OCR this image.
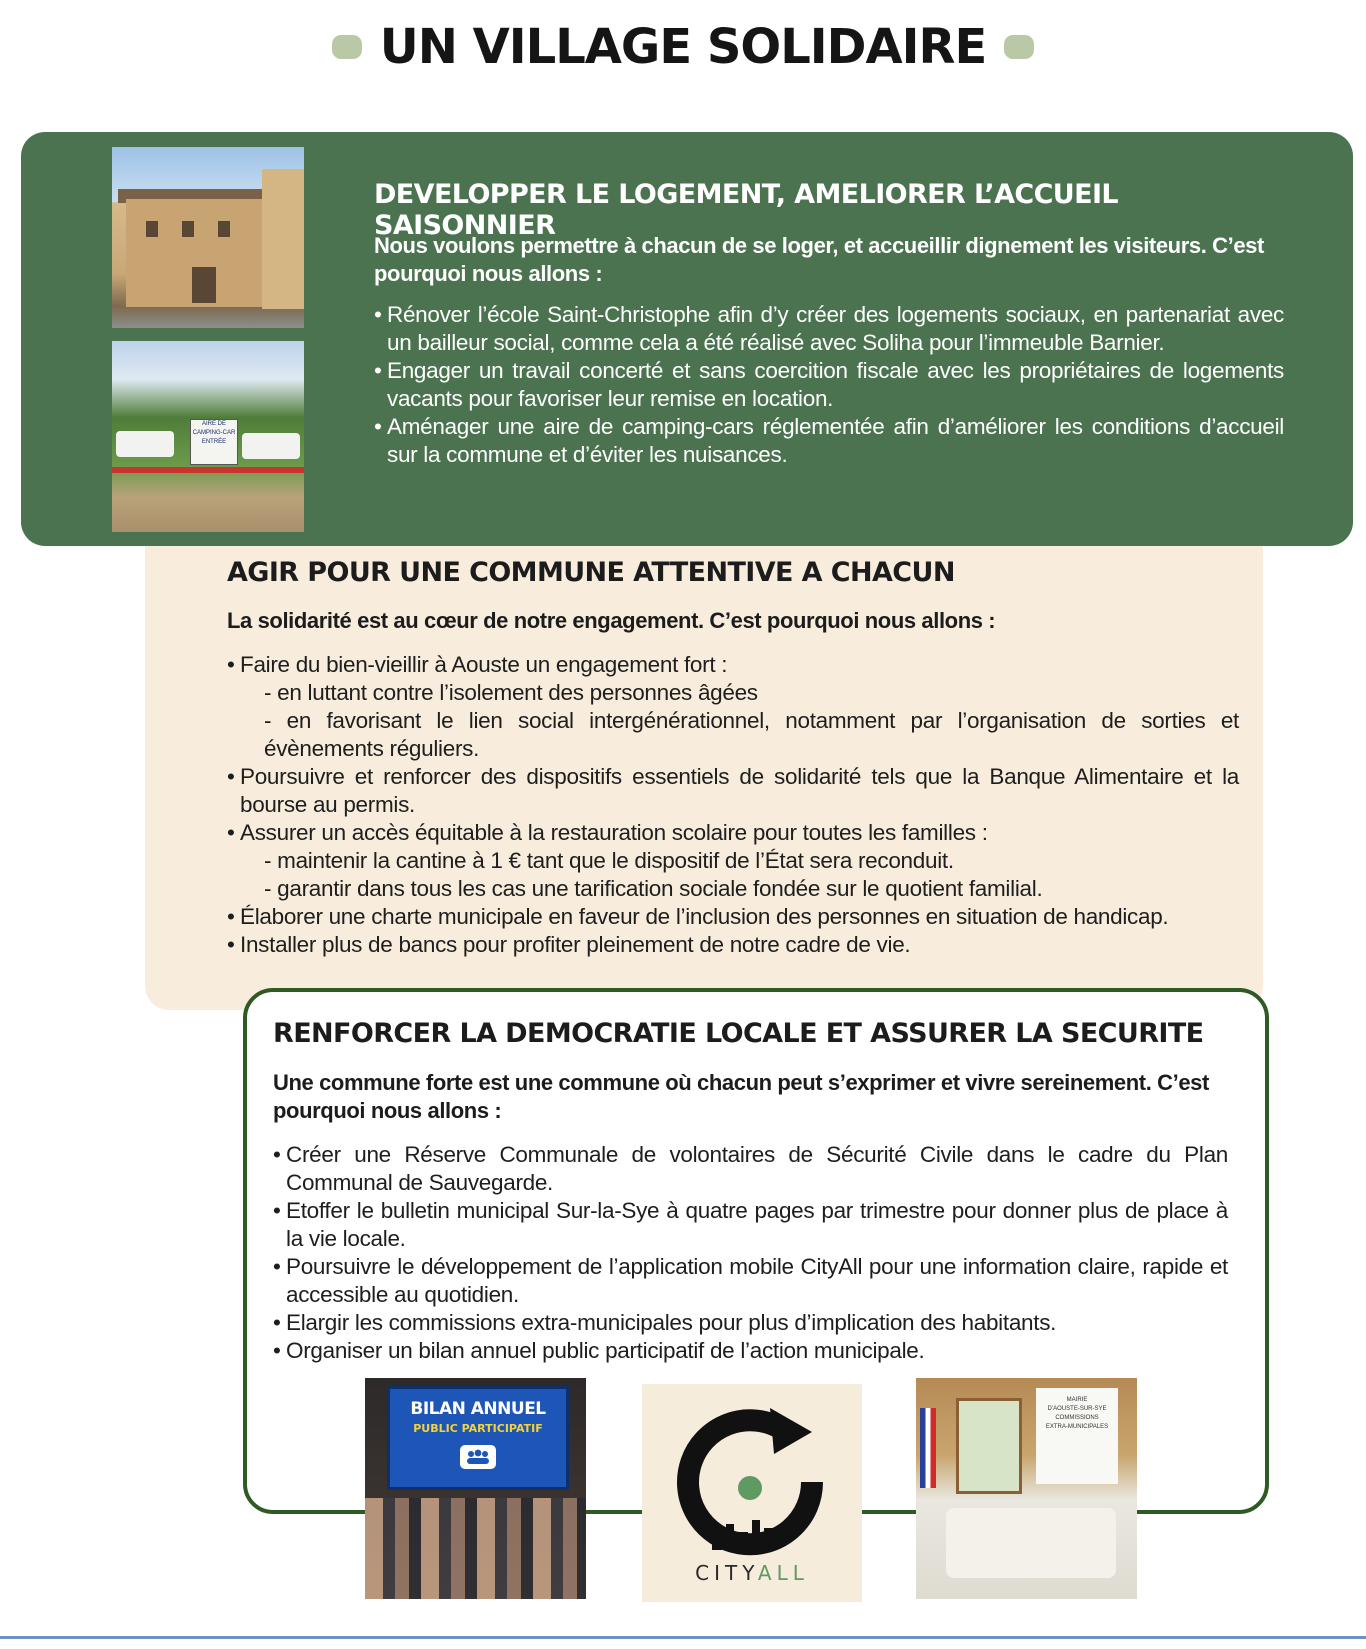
UN VILLAGE SOLIDAIRE
AIRE DE
CAMPING-CAR
ENTRÉE
DEVELOPPER LE LOGEMENT, AMELIORER L’ACCUEIL SAISONNIER
Nous voulons permettre à chacun de se loger, et accueillir dignement les visiteurs. C’est pourquoi nous allons :
• Rénover l’école Saint-Christophe afin d’y créer des logements sociaux, en partenariat avec un bailleur social, comme cela a été réalisé avec Soliha pour l’immeuble Barnier.
• Engager un travail concerté et sans coercition fiscale avec les propriétaires de logements vacants pour favoriser leur remise en location.
• Aménager une aire de camping-cars réglementée afin d’améliorer les conditions d’accueil sur la commune et d’éviter les nuisances.
AGIR POUR UNE COMMUNE ATTENTIVE A CHACUN
La solidarité est au cœur de notre engagement. C’est pourquoi nous allons :
• Faire du bien-vieillir à Aouste un engagement fort :
- en luttant contre l’isolement des personnes âgées
- en favorisant le lien social intergénérationnel, notamment par l’organisation de sorties et évènements réguliers.
• Poursuivre et renforcer des dispositifs essentiels de solidarité tels que la Banque Alimentaire et la bourse au permis.
• Assurer un accès équitable à la restauration scolaire pour toutes les familles :
- maintenir la cantine à 1 € tant que le dispositif de l’État sera reconduit.
- garantir dans tous les cas une tarification sociale fondée sur le quotient familial.
• Élaborer une charte municipale en faveur de l’inclusion des personnes en situation de handicap.
• Installer plus de bancs pour profiter pleinement de notre cadre de vie.
RENFORCER LA DEMOCRATIE LOCALE ET ASSURER LA SECURITE
Une commune forte est une commune où chacun peut s’exprimer et vivre sereinement. C’est pourquoi nous allons :
• Créer une Réserve Communale de volontaires de Sécurité Civile dans le cadre du Plan Communal de Sauvegarde.
• Etoffer le bulletin municipal Sur-la-Sye à quatre pages par trimestre pour donner plus de place à la vie locale.
• Poursuivre le développement de l’application mobile CityAll pour une information claire, rapide et accessible au quotidien.
• Elargir les commissions extra-municipales pour plus d’implication des habitants.
• Organiser un bilan annuel public participatif de l’action municipale.
BILAN ANNUEL
PUBLIC PARTICIPATIF
CITYALL
MAIRIE
D’AOUSTE-SUR-SYE
COMMISSIONS
EXTRA-MUNICIPALES
